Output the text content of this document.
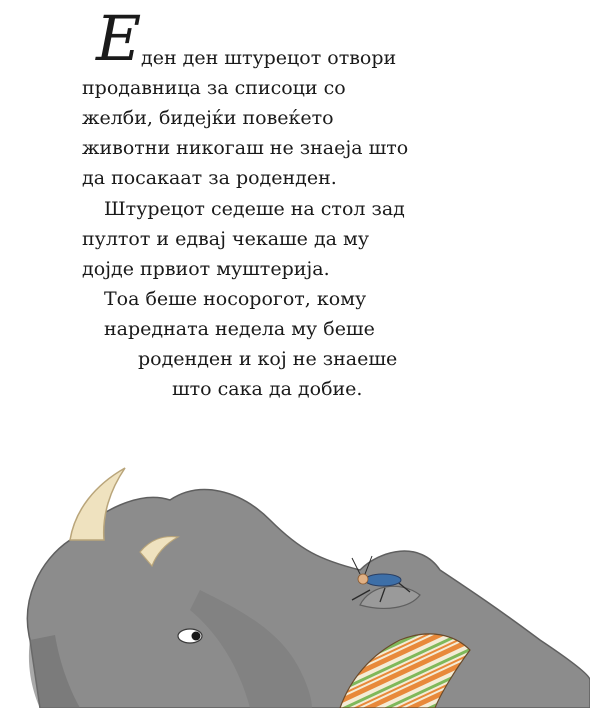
Е ден ден штурецот отвори
продавница за списоци со
желби, бидејќи повеќето
животни никогаш не знаеја што
да посакаат за роденден.
Штурецот седеше на стол зад
пултот и едвај чекаше да му
дојде првиот муштерија.
Тоа беше носорогот, кому
наредната недела му беше
роденден и кој не знаеше
што сака да добие.
